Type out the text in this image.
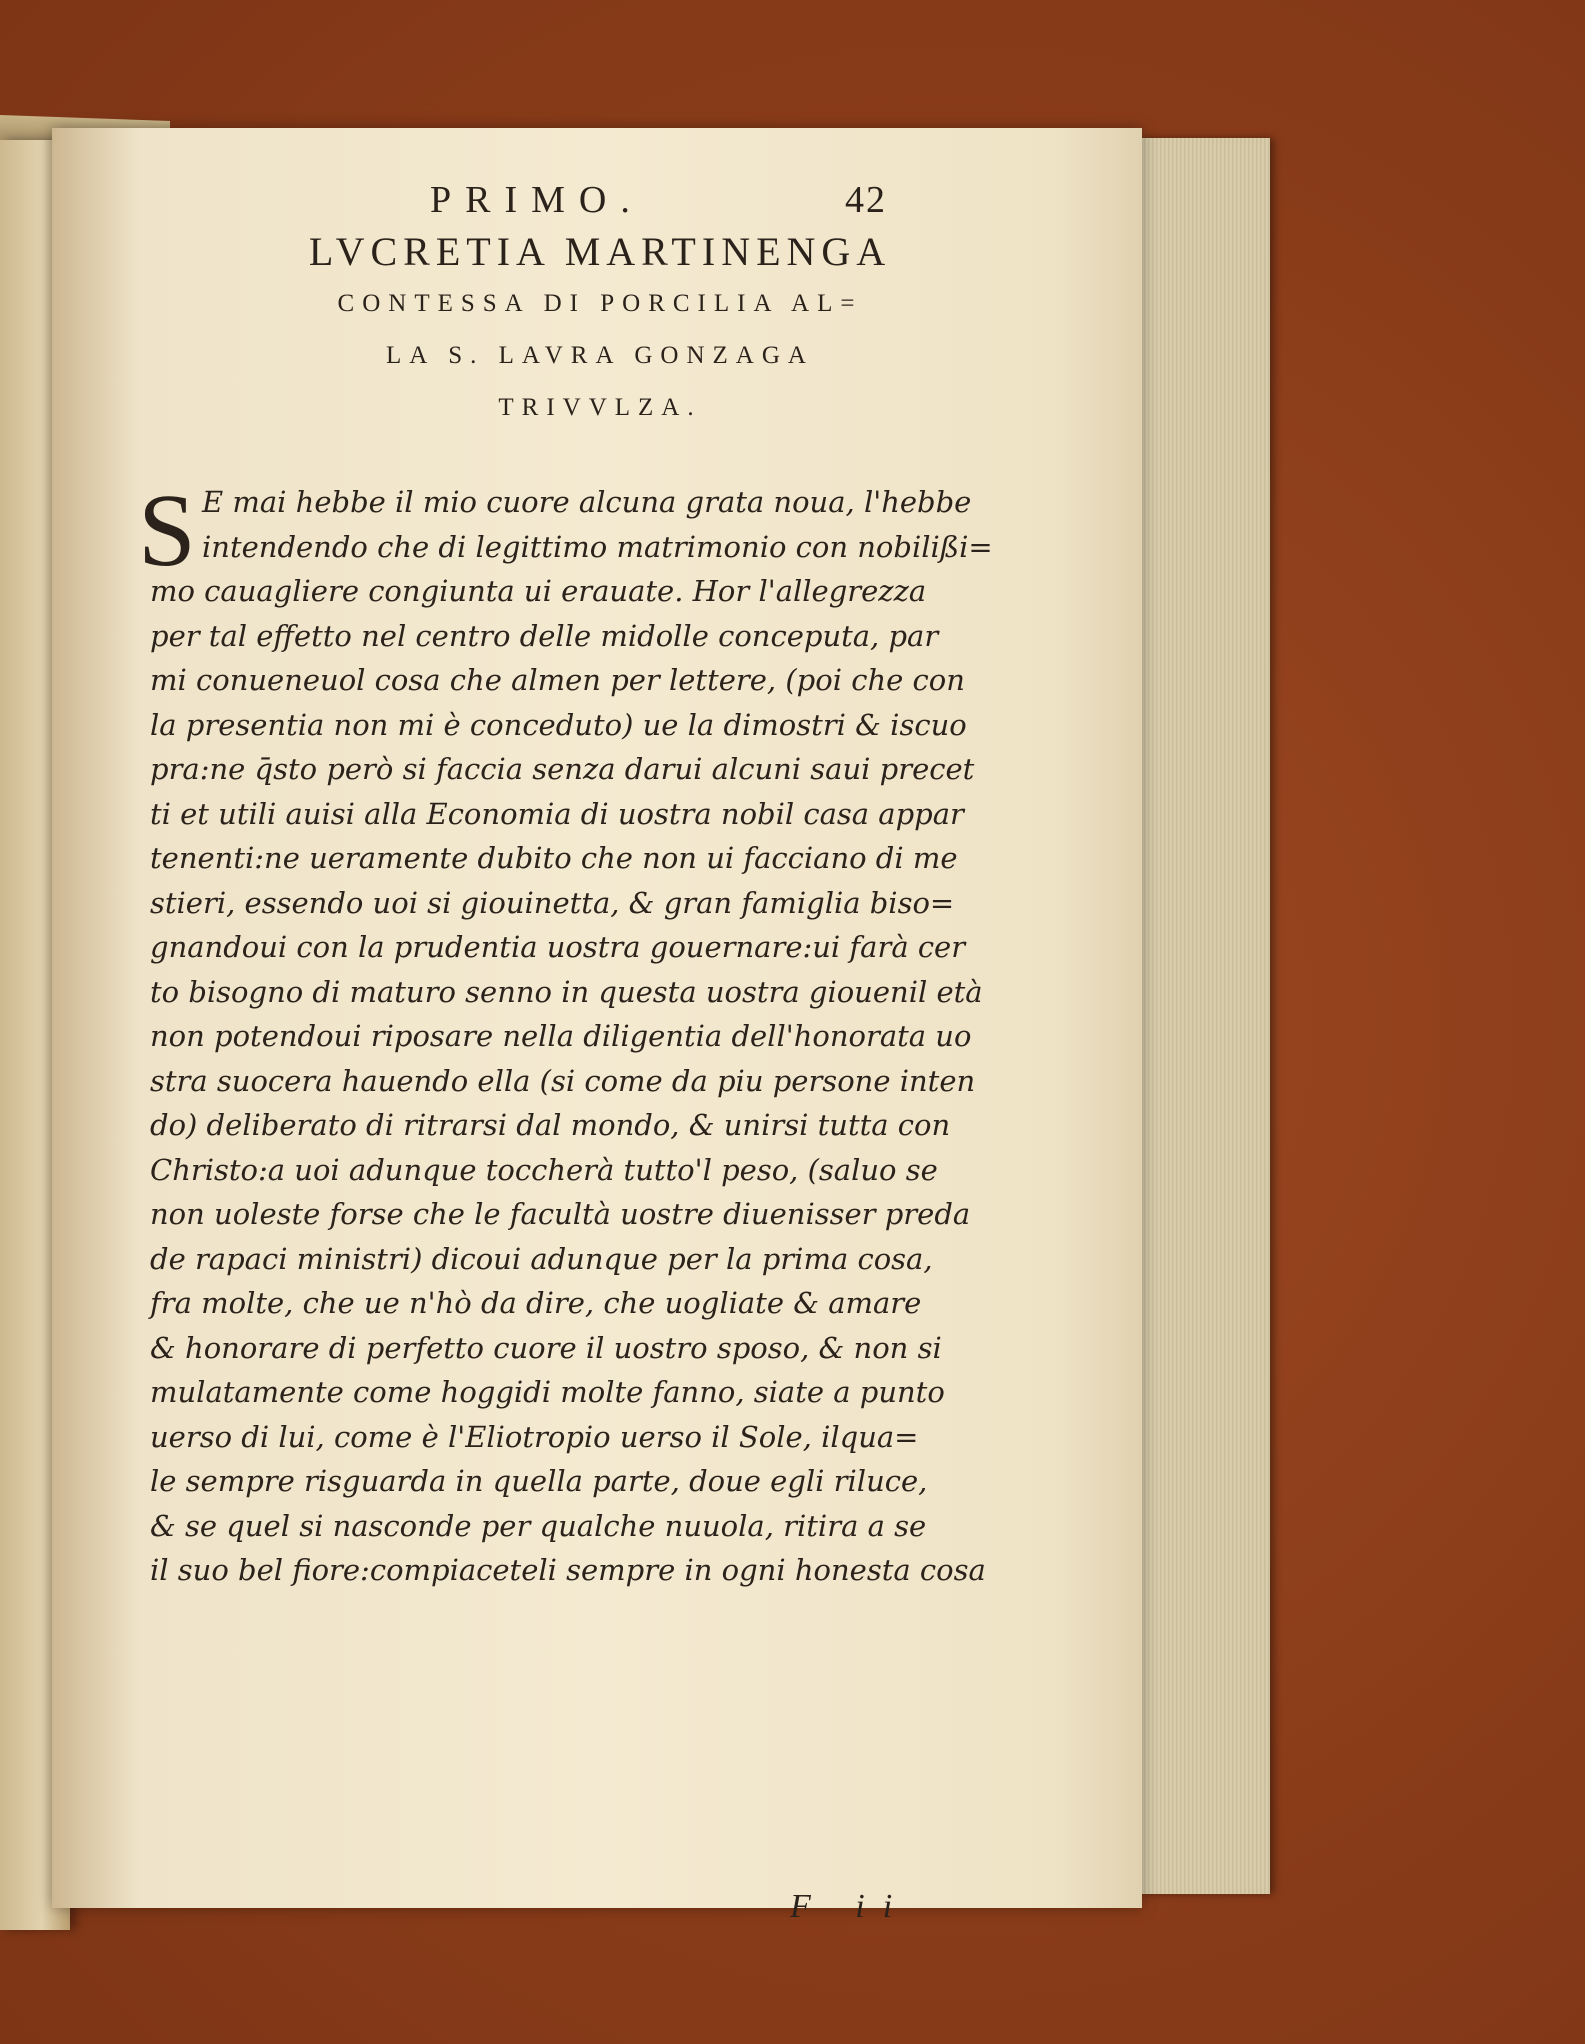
PRIMO.	42
LVCRETIA MARTINENGA
CONTESSA DI PORCILIA AL=
LA S. LAVRA GONZAGA
TRIVVLZA.
S E mai hebbe il mio cuore alcuna grata noua, l'hebbe
intendendo che di legittimo matrimonio con nobilißi=
mo cauagliere congiunta ui erauate. Hor l'allegrezza
per tal effetto nel centro delle midolle conceputa, par
mi conueneuol cosa che almen per lettere, (poi che con
la presentia non mi è conceduto) ue la dimostri & iscuo
pra:ne q̄sto però si faccia senza darui alcuni saui precet
ti et utili auisi alla Economia di uostra nobil casa appar
tenenti:ne ueramente dubito che non ui facciano di me
stieri, essendo uoi si giouinetta, & gran famiglia biso=
gnandoui con la prudentia uostra gouernare:ui farà cer
to bisogno di maturo senno in questa uostra giouenil età
non potendoui riposare nella diligentia dell'honorata uo
stra suocera hauendo ella (si come da piu persone inten
do) deliberato di ritrarsi dal mondo, & unirsi tutta con
Christo:a uoi adunque toccherà tutto'l peso, (saluo se
non uoleste forse che le facultà uostre diuenisser preda
de rapaci ministri) dicoui adunque per la prima cosa,
fra molte, che ue n'hò da dire, che uogliate & amare
& honorare di perfetto cuore il uostro sposo, & non si
mulatamente come hoggidi molte fanno, siate a punto
uerso di lui, come è l'Eliotropio uerso il Sole, ilqua=
le sempre risguarda in quella parte, doue egli riluce,
& se quel si nasconde per qualche nuuola, ritira a se
il suo bel fiore:compiaceteli sempre in ogni honesta cosa
F ii
